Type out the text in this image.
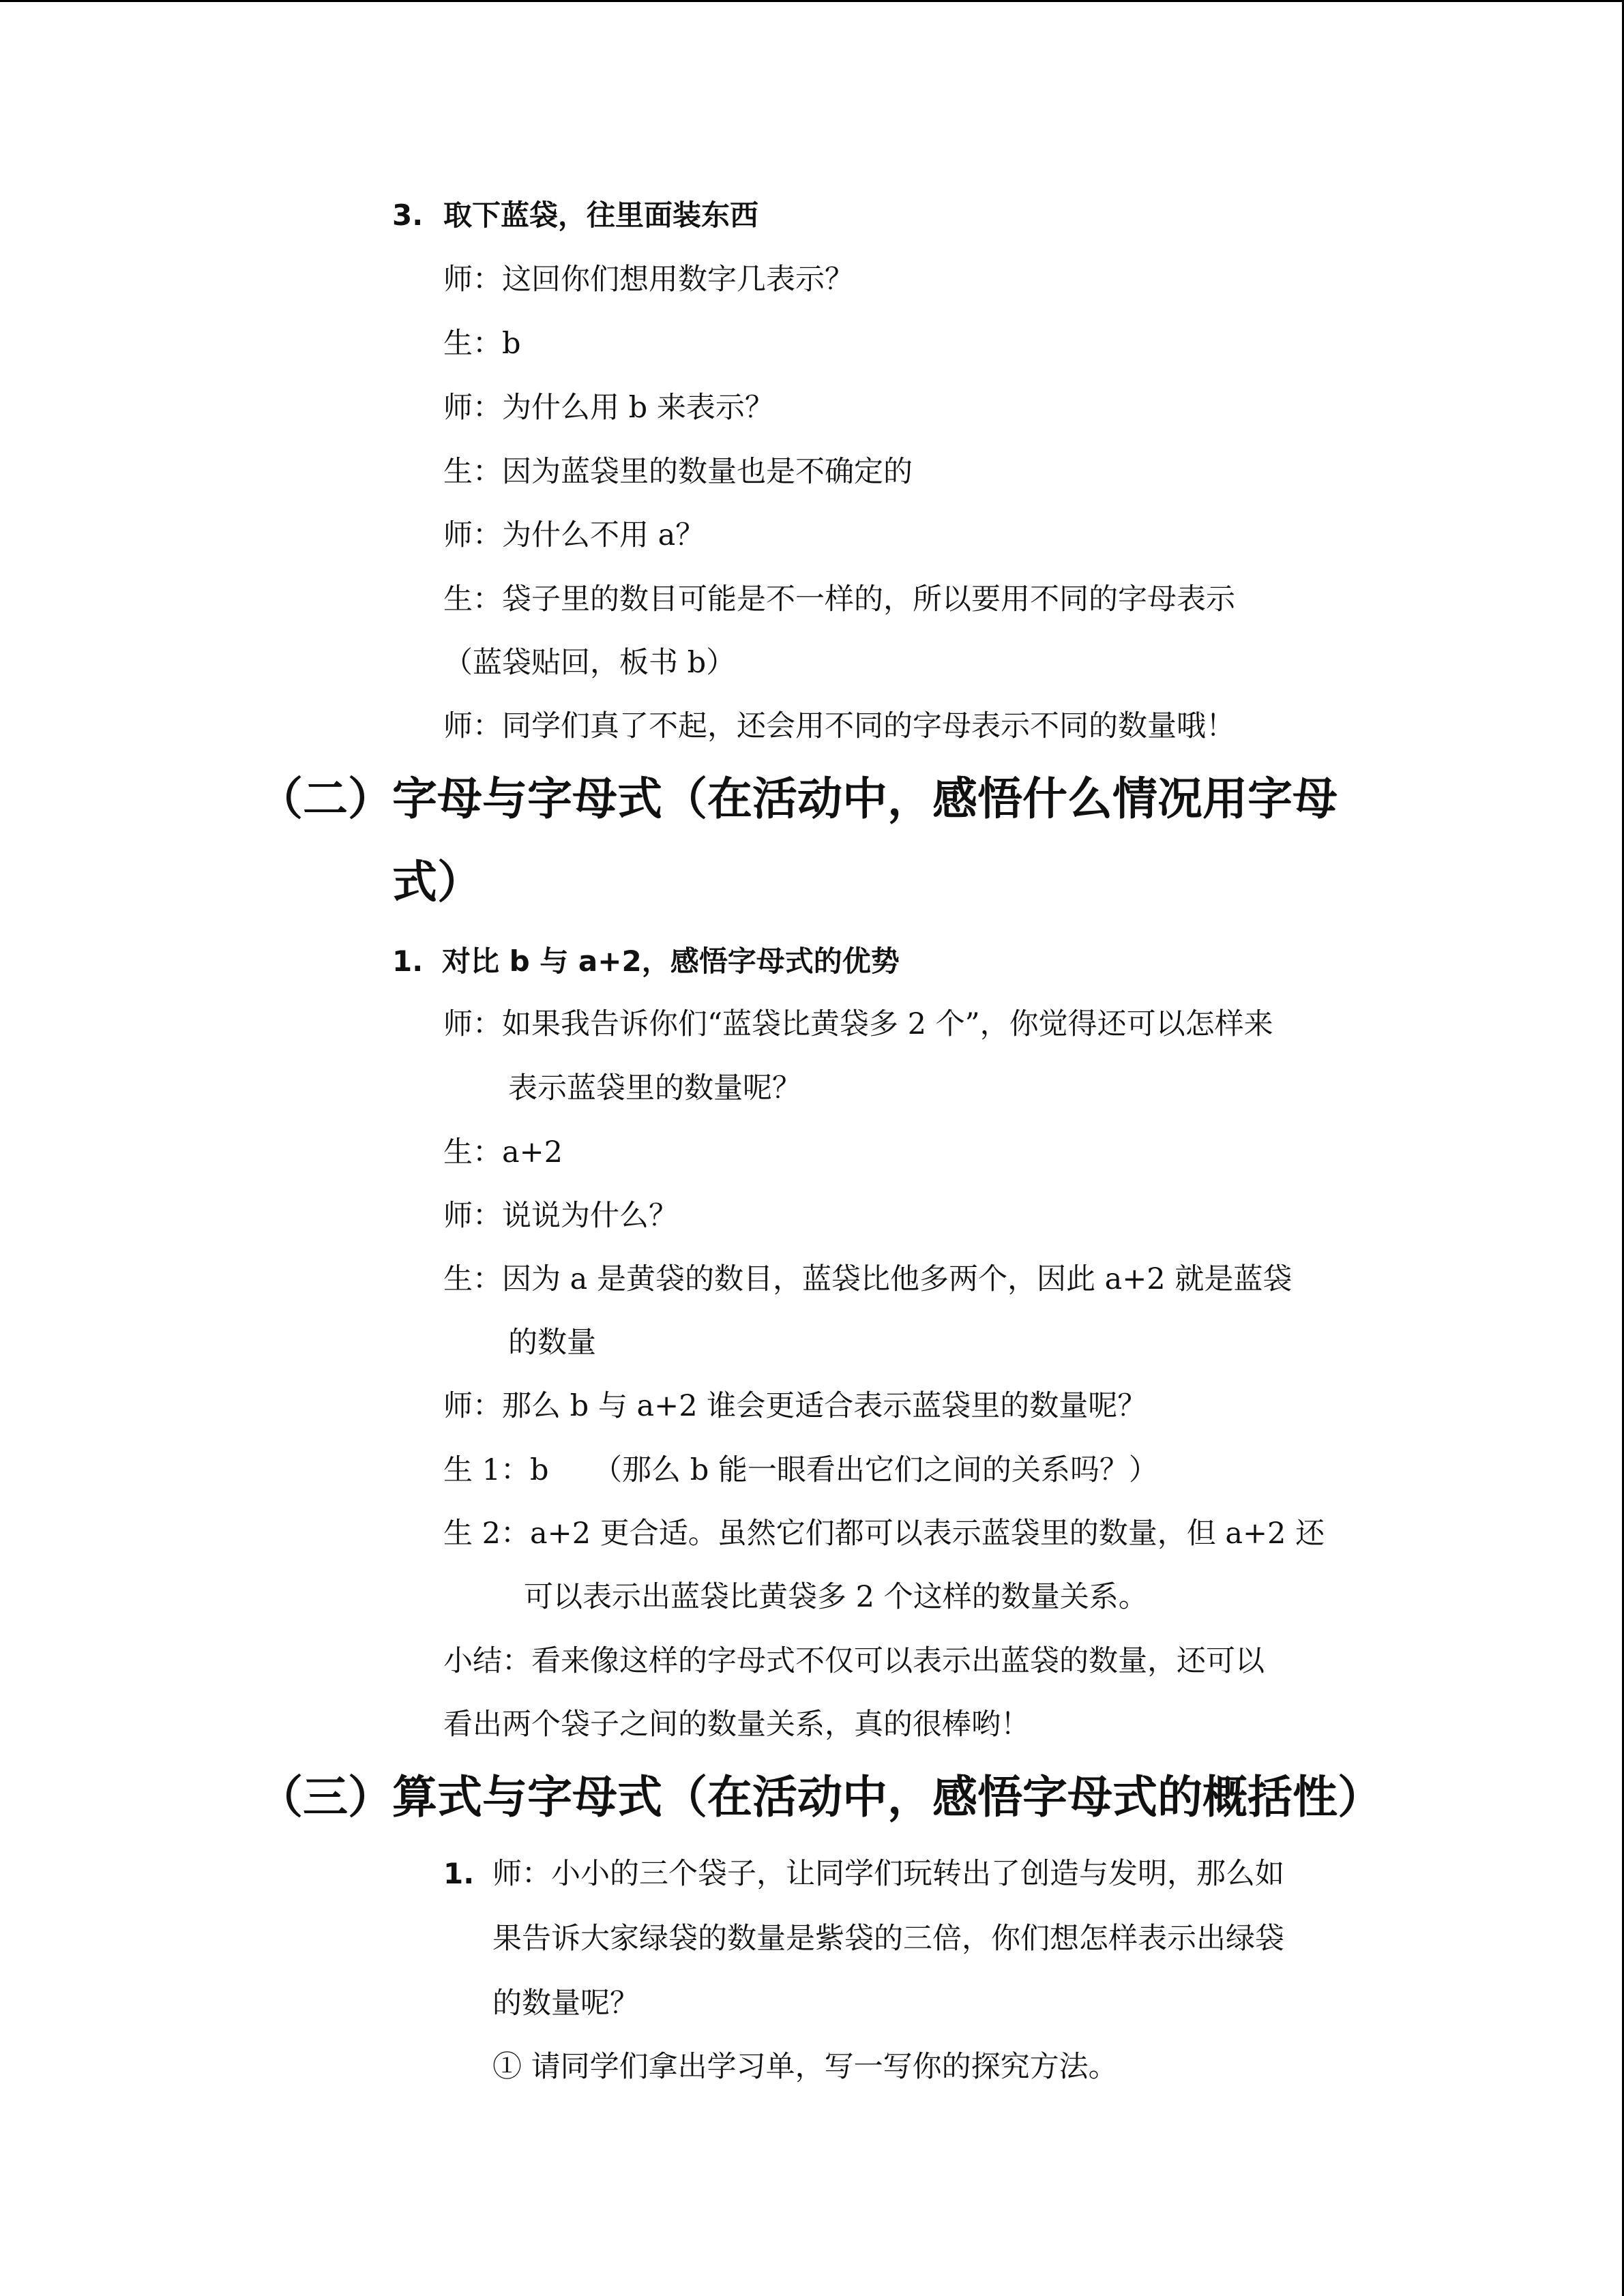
3. 取下蓝袋，往里面装东西
师：这回你们想用数字几表示？
生：b
师：为什么用 b 来表示？
生：因为蓝袋里的数量也是不确定的
师：为什么不用 a？
生：袋子里的数目可能是不一样的，所以要用不同的字母表示
（蓝袋贴回，板书 b）
师：同学们真了不起，还会用不同的字母表示不同的数量哦！
（二） 字母与字母式（在活动中，感悟什么情况用字母
式）
1. 对比 b 与 a+2，感悟字母式的优势
师：如果我告诉你们“蓝袋比黄袋多 2 个”，你觉得还可以怎样来
表示蓝袋里的数量呢？
生：a+2
师：说说为什么？
生：因为 a 是黄袋的数目，蓝袋比他多两个，因此 a+2 就是蓝袋
的数量
师：那么 b 与 a+2 谁会更适合表示蓝袋里的数量呢？
生 1：b　　（那么 b 能一眼看出它们之间的关系吗？）
生 2：a+2 更合适。虽然它们都可以表示蓝袋里的数量，但 a+2 还
可以表示出蓝袋比黄袋多 2 个这样的数量关系。
小结：看来像这样的字母式不仅可以表示出蓝袋的数量，还可以
看出两个袋子之间的数量关系，真的很棒哟！
（三） 算式与字母式（在活动中，感悟字母式的概括性）
1. 师：小小的三个袋子，让同学们玩转出了创造与发明，那么如
果告诉大家绿袋的数量是紫袋的三倍，你们想怎样表示出绿袋
的数量呢？
① 请同学们拿出学习单，写一写你的探究方法。
